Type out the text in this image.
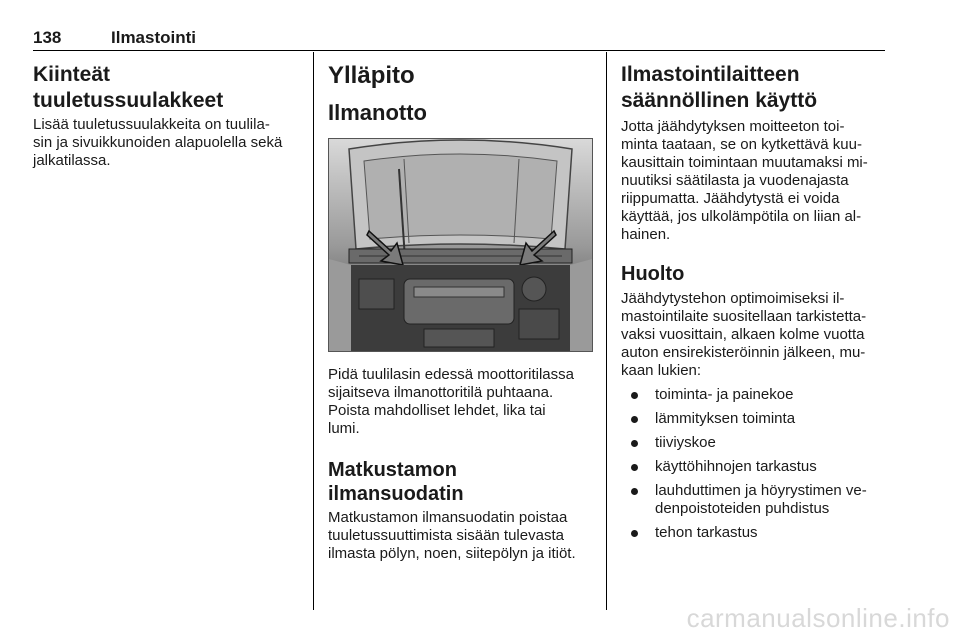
138	Ilmastointi
Kiinteät tuuletussuulakkeet

Lisää tuuletussuulakkeita on tuulila-
sin ja sivuikkunoiden alapuolella sekä
jalkatilassa.

Ylläpito
Ilmanotto

Pidä tuulilasin edessä moottoritilassa
sijaitseva ilmanottoritilä puhtaana.
Poista mahdolliset lehdet, lika tai
lumi.

Matkustamon
ilmansuodatin

Matkustamon ilmansuodatin poistaa
tuuletussuuttimista sisään tulevasta
ilmasta pölyn, noen, siitepölyn ja itiöt.

Ilmastointilaitteen
säännöllinen käyttö

Jotta jäähdytyksen moitteeton toi-
minta taataan, se on kytkettävä kuu-
kausittain toimintaan muutamaksi mi-
nuutiksi säätilasta ja vuodenajasta
riippumatta. Jäähdytystä ei voida
käyttää, jos ulkolämpötila on liian al-
hainen.

Huolto

Jäähdytystehon optimoimiseksi il-
mastointilaite suositellaan tarkistetta-
vaksi vuosittain, alkaen kolme vuotta
auton ensirekisteröinnin jälkeen, mu-
kaan lukien:

toiminta- ja painekoe
lämmityksen toiminta
tiiviyskoe
käyttöhihnojen tarkastus
lauhduttimen ja höyrystimen ve-
denpoistoteiden puhdistus
tehon tarkastus
carmanualsonline.info
